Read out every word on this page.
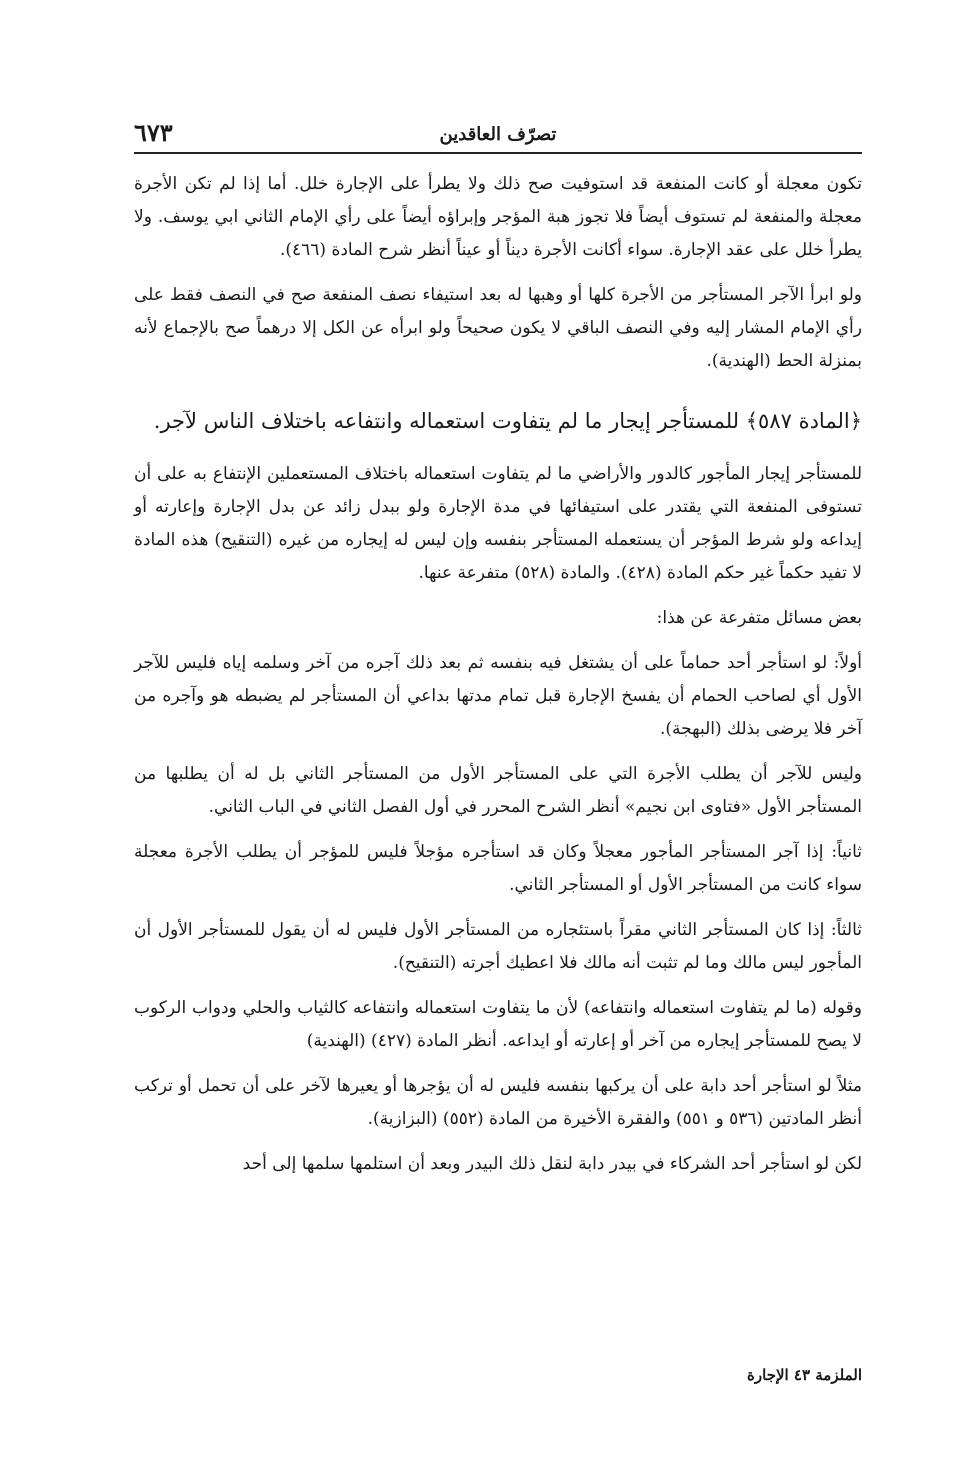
٦٧٣	تصرّف العاقدين

تكون معجلة أو كانت المنفعة قد استوفيت صح ذلك ولا يطرأ على الإجارة خلل. أما إذا لم تكن الأجرة معجلة والمنفعة لم تستوف أيضاً فلا تجوز هبة المؤجر وإبراؤه أيضاً على رأي الإمام الثاني ابي يوسف. ولا يطرأ خلل على عقد الإجارة. سواء أكانت الأجرة ديناً أو عيناً أنظر شرح المادة (٤٦٦).

ولو ابرأ الآجر المستأجر من الأجرة كلها أو وهبها له بعد استيفاء نصف المنفعة صح في النصف فقط على رأي الإمام المشار إليه وفي النصف الباقي لا يكون صحيحاً ولو ابرأه عن الكل إلا درهماً صح بالإجماع لأنه بمنزلة الحط (الهندية).

﴿المادة ٥٨٧﴾ للمستأجر إيجار ما لم يتفاوت استعماله وانتفاعه باختلاف الناس لآجر.

للمستأجر إيجار المأجور كالدور والأراضي ما لم يتفاوت استعماله باختلاف المستعملين الإنتفاع به على أن تستوفى المنفعة التي يقتدر على استيفائها في مدة الإجارة ولو ببدل زائد عن بدل الإجارة وإعارته أو إيداعه ولو شرط المؤجر أن يستعمله المستأجر بنفسه وإن ليس له إيجاره من غيره (التنقيح) هذه المادة لا تفيد حكماً غير حكم المادة (٤٢٨). والمادة (٥٢٨) متفرعة عنها.

بعض مسائل متفرعة عن هذا:

أولاً: لو استأجر أحد حماماً على أن يشتغل فيه بنفسه ثم بعد ذلك آجره من آخر وسلمه إياه فليس للآجر الأول أي لصاحب الحمام أن يفسخ الإجارة قبل تمام مدتها بداعي أن المستأجر لم يضبطه هو وآجره من آخر فلا يرضى بذلك (البهجة).

وليس للآجر أن يطلب الأجرة التي على المستأجر الأول من المستأجر الثاني بل له أن يطلبها من المستأجر الأول «فتاوى ابن نجيم» أنظر الشرح المحرر في أول الفصل الثاني في الباب الثاني.

ثانياً: إذا آجر المستأجر المأجور معجلاً وكان قد استأجره مؤجلاً فليس للمؤجر أن يطلب الأجرة معجلة سواء كانت من المستأجر الأول أو المستأجر الثاني.

ثالثاً: إذا كان المستأجر الثاني مقراً باستئجاره من المستأجر الأول فليس له أن يقول للمستأجر الأول أن المأجور ليس مالك وما لم تثبت أنه مالك فلا اعطيك أجرته (التنقيح).

وقوله (ما لم يتفاوت استعماله وانتفاعه) لأن ما يتفاوت استعماله وانتفاعه كالثياب والحلي ودواب الركوب لا يصح للمستأجر إيجاره من آخر أو إعارته أو ايداعه. أنظر المادة (٤٢٧) (الهندية)

مثلاً لو استأجر أحد دابة على أن يركبها بنفسه فليس له أن يؤجرها أو يعيرها لآخر على أن تحمل أو تركب أنظر المادتين (٥٣٦ و ٥٥١) والفقرة الأخيرة من المادة (٥٥٢) (البزازية).

لكن لو استأجر أحد الشركاء في بيدر دابة لنقل ذلك البيدر وبعد أن استلمها سلمها إلى أحد

الملزمة ٤٣ الإجارة
